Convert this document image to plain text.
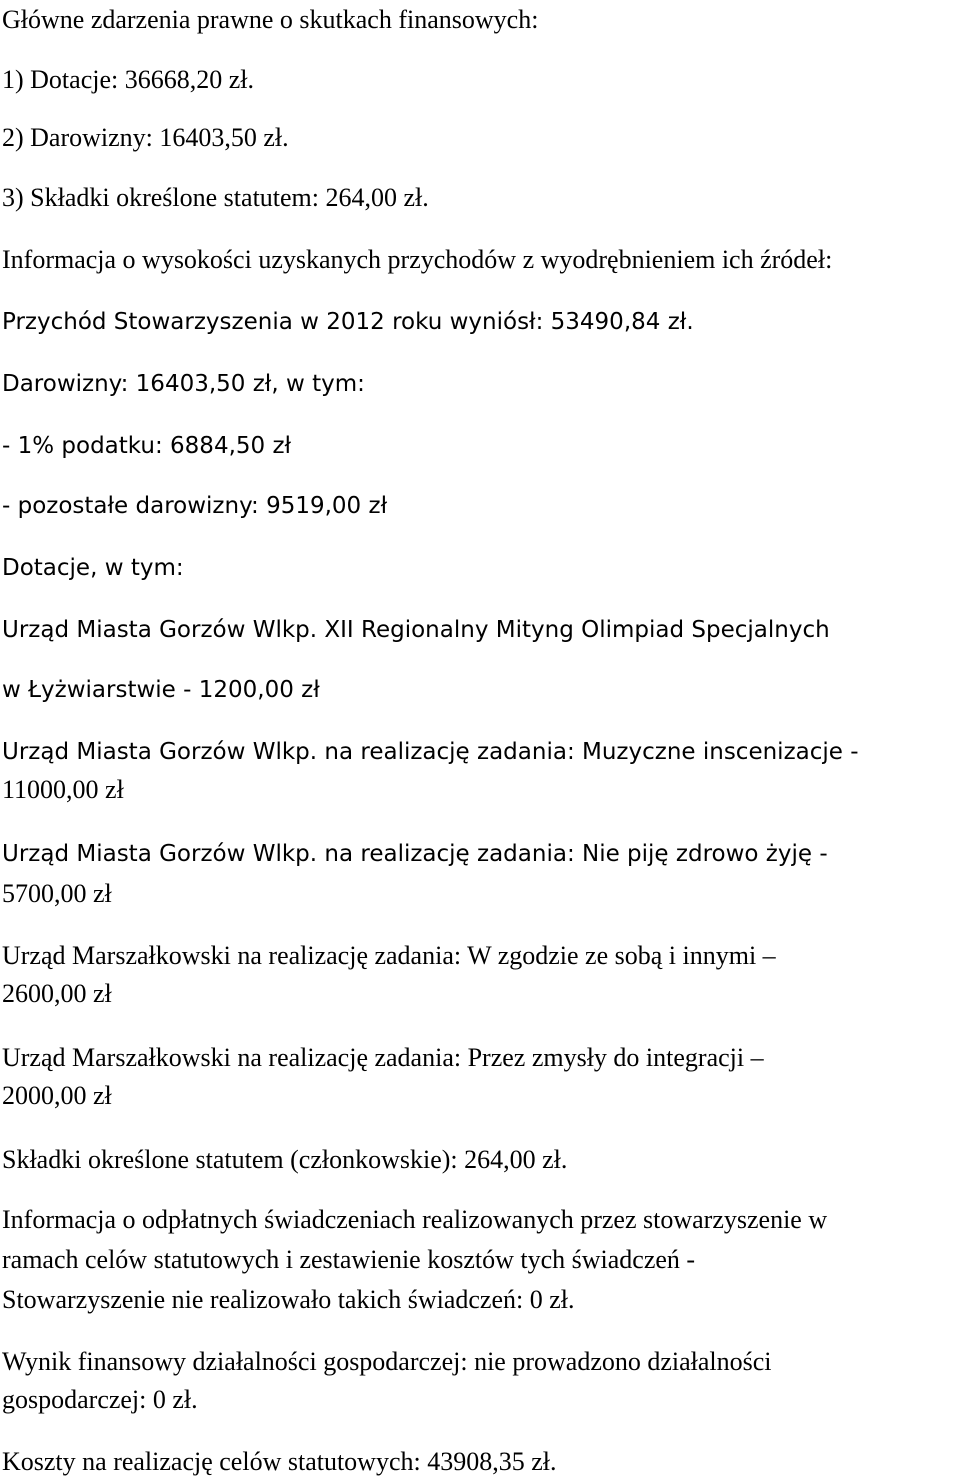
Główne zdarzenia prawne o skutkach finansowych:

1) Dotacje: 36668,20 zł.

2) Darowizny: 16403,50 zł.

3) Składki określone statutem: 264,00 zł.

Informacja o wysokości uzyskanych przychodów z wyodrębnieniem ich źródeł:

Przychód Stowarzyszenia w 2012 roku wyniósł: 53490,84 zł.

Darowizny: 16403,50 zł, w tym:

- 1% podatku: 6884,50 zł

- pozostałe darowizny: 9519,00 zł

Dotacje, w tym:

Urząd Miasta Gorzów Wlkp. XII Regionalny Mityng Olimpiad Specjalnych

w Łyżwiarstwie - 1200,00 zł

Urząd Miasta Gorzów Wlkp. na realizację zadania: Muzyczne inscenizacje -

11000,00 zł

Urząd Miasta Gorzów Wlkp. na realizację zadania: Nie piję zdrowo żyję -

5700,00 zł

Urząd Marszałkowski na realizację zadania: W zgodzie ze sobą i innymi –

2600,00 zł

Urząd Marszałkowski na realizację zadania: Przez zmysły do integracji –

2000,00 zł

Składki określone statutem (członkowskie): 264,00 zł.

Informacja o odpłatnych świadczeniach realizowanych przez stowarzyszenie w

ramach celów statutowych i zestawienie kosztów tych świadczeń -

Stowarzyszenie nie realizowało takich świadczeń: 0 zł.

Wynik finansowy działalności gospodarczej: nie prowadzono działalności

gospodarczej: 0 zł.

Koszty na realizację celów statutowych: 43908,35 zł.
